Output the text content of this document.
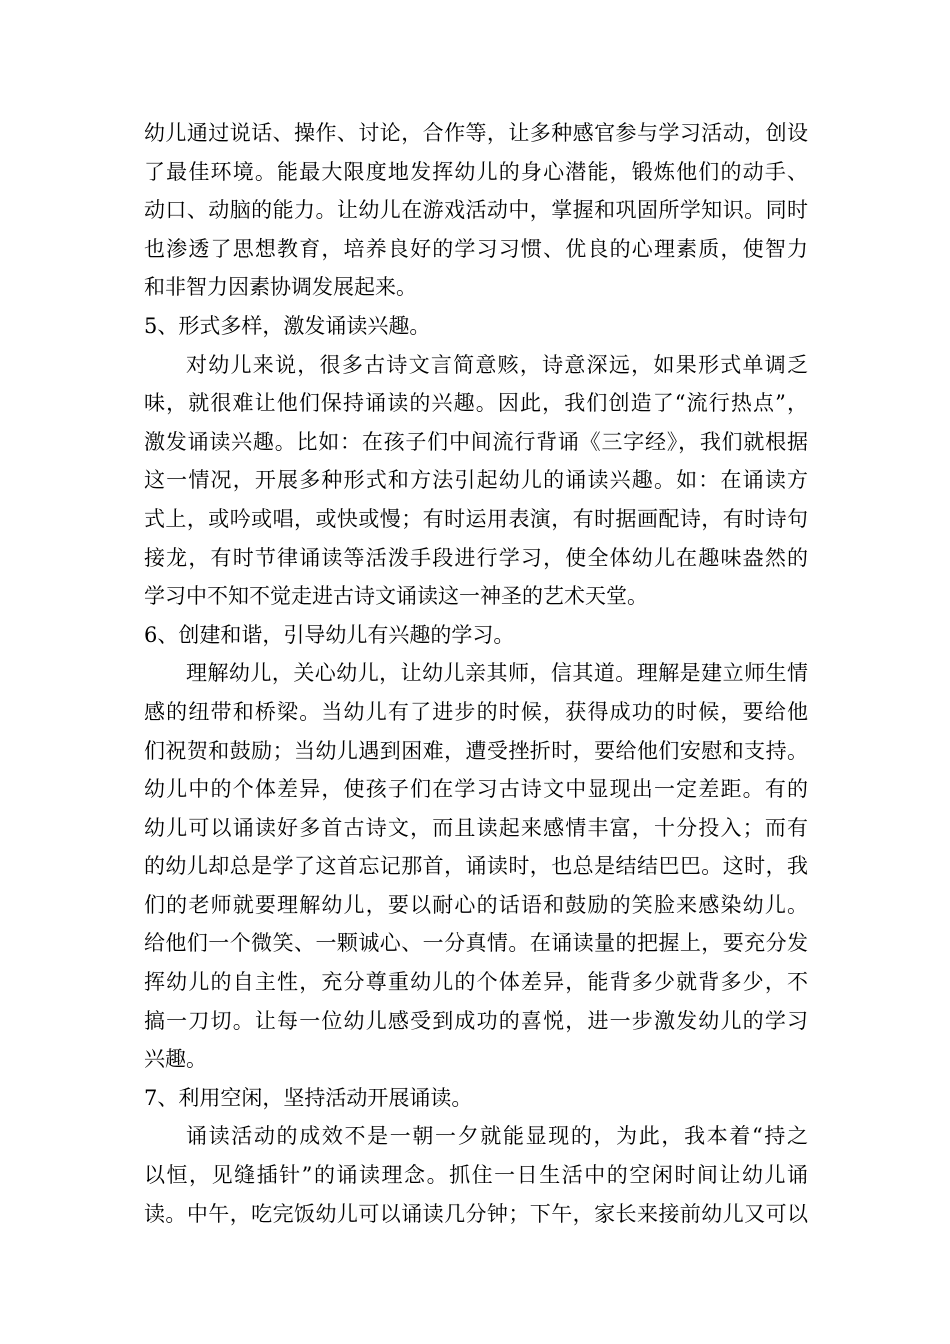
幼儿通过说话、操作、讨论，合作等，让多种感官参与学习活动，创设
了最佳环境。能最大限度地发挥幼儿的身心潜能，锻炼他们的动手、
动口、动脑的能力。让幼儿在游戏活动中，掌握和巩固所学知识。同时
也渗透了思想教育，培养良好的学习习惯、优良的心理素质，使智力
和非智力因素协调发展起来。
5、形式多样，激发诵读兴趣。
对幼儿来说，很多古诗文言简意赅，诗意深远，如果形式单调乏
味，就很难让他们保持诵读的兴趣。因此，我们创造了“流行热点”，
激发诵读兴趣。比如：在孩子们中间流行背诵《三字经》，我们就根据
这一情况，开展多种形式和方法引起幼儿的诵读兴趣。如：在诵读方
式上，或吟或唱，或快或慢；有时运用表演，有时据画配诗，有时诗句
接龙，有时节律诵读等活泼手段进行学习，使全体幼儿在趣味盎然的
学习中不知不觉走进古诗文诵读这一神圣的艺术天堂。
6、创建和谐，引导幼儿有兴趣的学习。
理解幼儿，关心幼儿，让幼儿亲其师，信其道。理解是建立师生情
感的纽带和桥梁。当幼儿有了进步的时候，获得成功的时候，要给他
们祝贺和鼓励；当幼儿遇到困难，遭受挫折时，要给他们安慰和支持。
幼儿中的个体差异，使孩子们在学习古诗文中显现出一定差距。有的
幼儿可以诵读好多首古诗文，而且读起来感情丰富，十分投入；而有
的幼儿却总是学了这首忘记那首，诵读时，也总是结结巴巴。这时，我
们的老师就要理解幼儿，要以耐心的话语和鼓励的笑脸来感染幼儿。
给他们一个微笑、一颗诚心、一分真情。在诵读量的把握上，要充分发
挥幼儿的自主性，充分尊重幼儿的个体差异，能背多少就背多少，不
搞一刀切。让每一位幼儿感受到成功的喜悦，进一步激发幼儿的学习
兴趣。
7、利用空闲，坚持活动开展诵读。
诵读活动的成效不是一朝一夕就能显现的，为此，我本着“持之
以恒，见缝插针”的诵读理念。抓住一日生活中的空闲时间让幼儿诵
读。中午，吃完饭幼儿可以诵读几分钟；下午，家长来接前幼儿又可以
